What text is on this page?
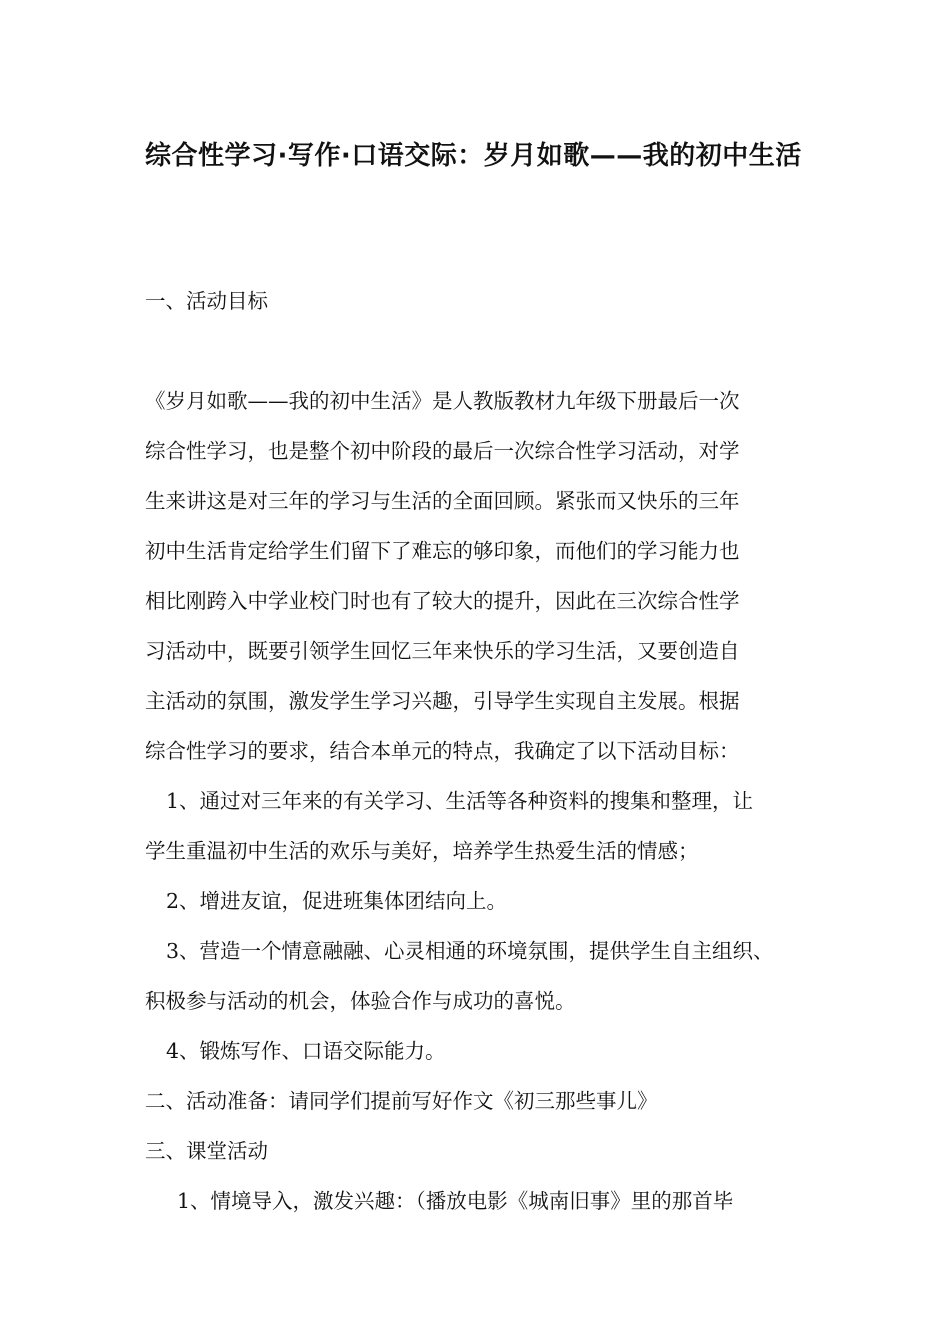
综合性学习·写作·口语交际：岁月如歌——我的初中生活

一、活动目标

《岁月如歌——我的初中生活》是人教版教材九年级下册最后一次

综合性学习，也是整个初中阶段的最后一次综合性学习活动，对学

生来讲这是对三年的学习与生活的全面回顾。紧张而又快乐的三年

初中生活肯定给学生们留下了难忘的够印象，而他们的学习能力也

相比刚跨入中学业校门时也有了较大的提升，因此在三次综合性学

习活动中，既要引领学生回忆三年来快乐的学习生活，又要创造自

主活动的氛围，激发学生学习兴趣，引导学生实现自主发展。根据

综合性学习的要求，结合本单元的特点，我确定了以下活动目标：

1、通过对三年来的有关学习、生活等各种资料的搜集和整理，让

学生重温初中生活的欢乐与美好，培养学生热爱生活的情感；

2、增进友谊，促进班集体团结向上。

3、营造一个情意融融、心灵相通的环境氛围，提供学生自主组织、

积极参与活动的机会，体验合作与成功的喜悦。

4、锻炼写作、口语交际能力。

二、活动准备：请同学们提前写好作文《初三那些事儿》

三、课堂活动

1、情境导入，激发兴趣：（播放电影《城南旧事》里的那首毕
